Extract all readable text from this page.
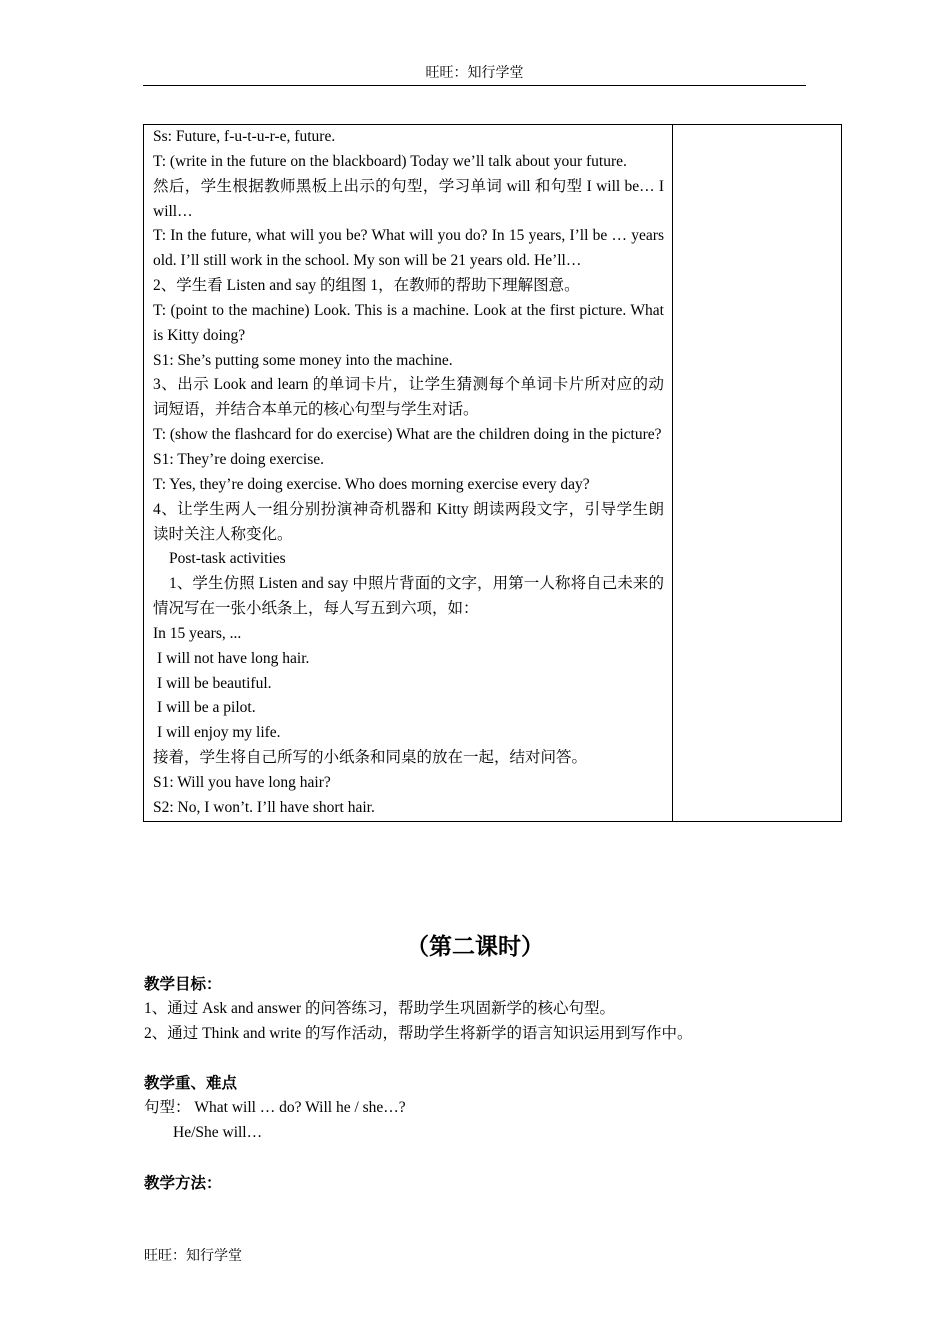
旺旺：知行学堂
Ss: Future, f-u-t-u-r-e, future.
T: (write in the future on the blackboard) Today we’ll talk about your future.
然后，学生根据教师黑板上出示的句型，学习单词 will 和句型 I will be… I will…
T: In the future, what will you be? What will you do? In 15 years, I’ll be … years old. I’ll still work in the school. My son will be 21 years old. He’ll…
2、学生看 Listen and say 的组图 1，在教师的帮助下理解图意。
T: (point to the machine) Look. This is a machine. Look at the first picture. What is Kitty doing?
S1: She’s putting some money into the machine.
3、出示 Look and learn 的单词卡片，让学生猜测每个单词卡片所对应的动词短语，并结合本单元的核心句型与学生对话。
T: (show the flashcard for do exercise) What are the children doing in the picture?
S1: They’re doing exercise.
T: Yes, they’re doing exercise. Who does morning exercise every day?
4、让学生两人一组分别扮演神奇机器和 Kitty 朗读两段文字，引导学生朗读时关注人称变化。
Post-task activities
1、学生仿照 Listen and say 中照片背面的文字，用第一人称将自己未来的情况写在一张小纸条上，每人写五到六项，如：
In 15 years, ...
I will not have long hair.
I will be beautiful.
I will be a pilot.
I will enjoy my life.
接着，学生将自己所写的小纸条和同桌的放在一起，结对问答。
S1: Will you have long hair?
S2: No, I won’t. I’ll have short hair.

（第二课时）
教学目标：
1、通过 Ask and answer 的问答练习，帮助学生巩固新学的核心句型。
2、通过 Think and write 的写作活动，帮助学生将新学的语言知识运用到写作中。
教学重、难点
句型： What will … do? Will he / she…?
He/She will…
教学方法：
旺旺：知行学堂
